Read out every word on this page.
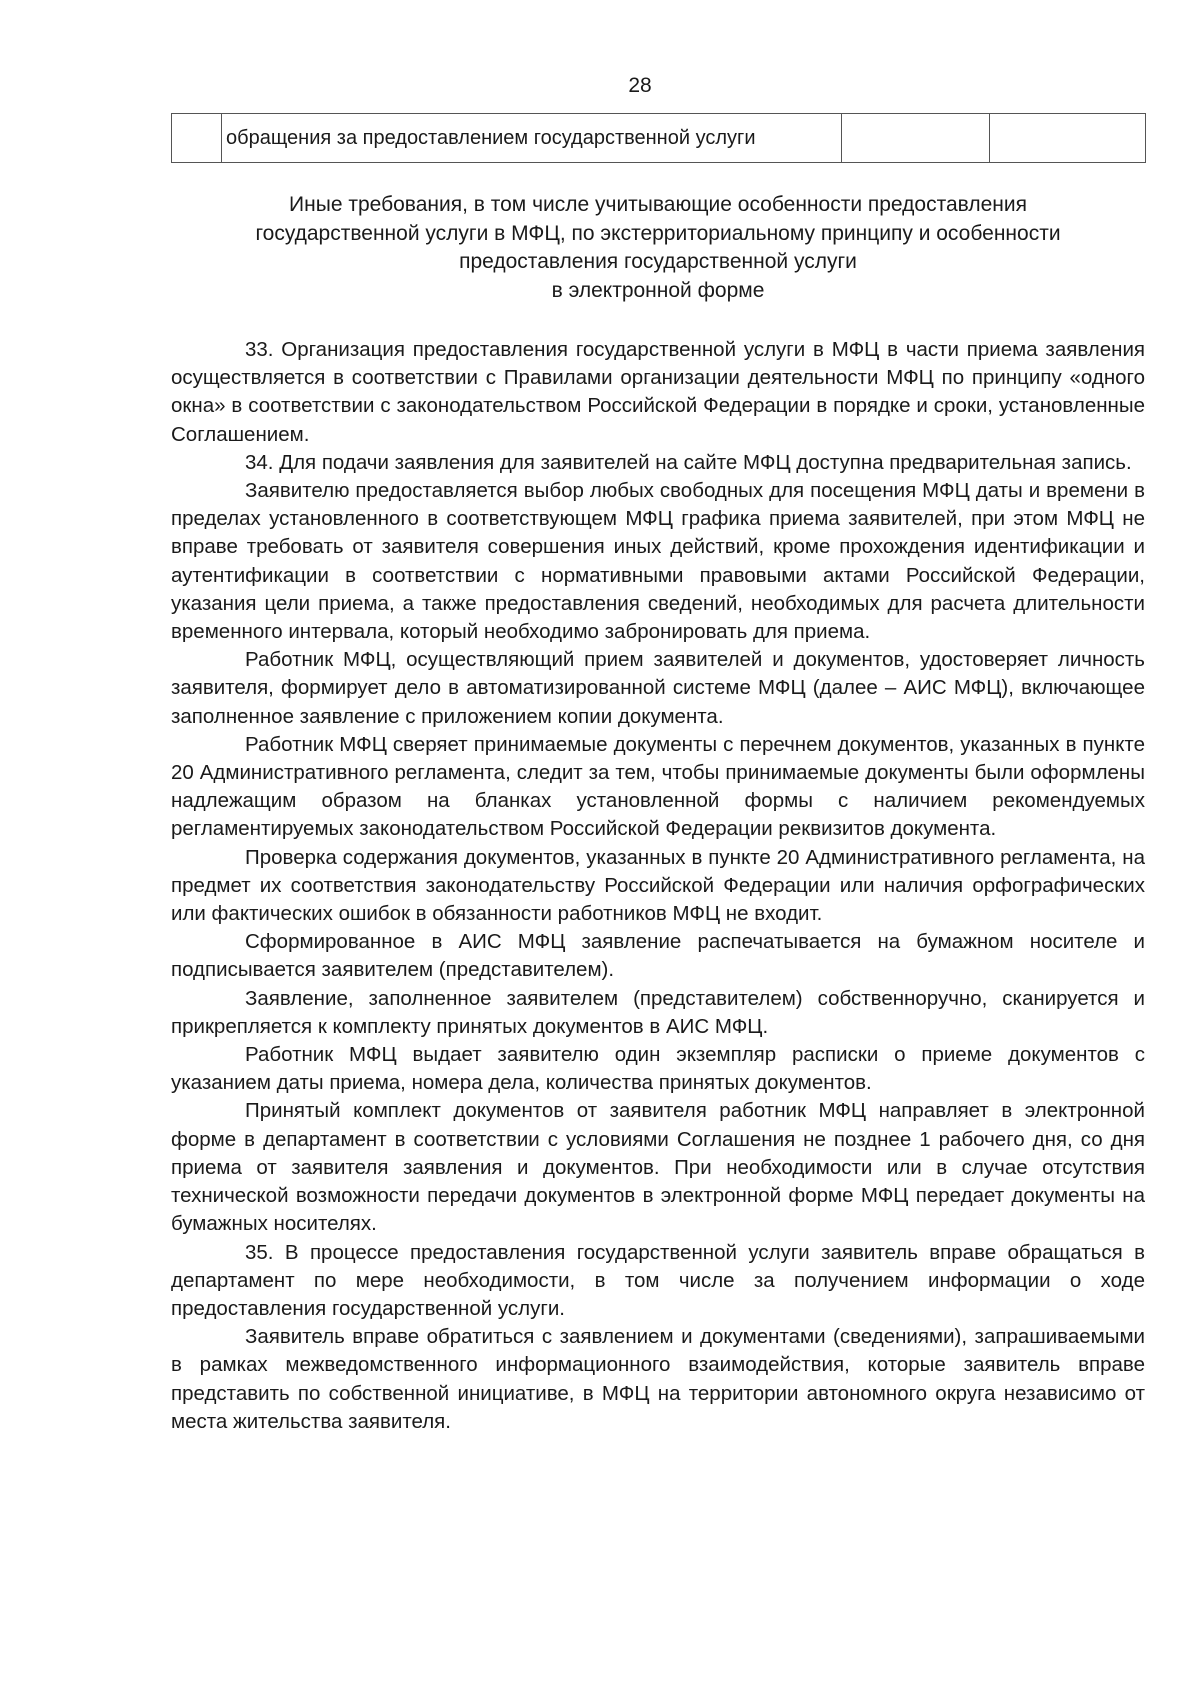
28
	обращения за предоставлением государственной услуги		
Иные требования, в том числе учитывающие особенности предоставления
государственной услуги в МФЦ, по экстерриториальному принципу и особенности
предоставления государственной услуги
в электронной форме

33. Организация предоставления государственной услуги в МФЦ в части приема заявления осуществляется в соответствии с Правилами организации деятельности МФЦ по принципу «одного окна» в соответствии с законодательством Российской Федерации в порядке и сроки, установленные Соглашением.

34. Для подачи заявления для заявителей на сайте МФЦ доступна предварительная запись.

Заявителю предоставляется выбор любых свободных для посещения МФЦ даты и времени в пределах установленного в соответствующем МФЦ графика приема заявителей, при этом МФЦ не вправе требовать от заявителя совершения иных действий, кроме прохождения идентификации и аутентификации в соответствии с нормативными правовыми актами Российской Федерации, указания цели приема, а также предоставления сведений, необходимых для расчета длительности временного интервала, который необходимо забронировать для приема.

Работник МФЦ, осуществляющий прием заявителей и документов, удостоверяет личность заявителя, формирует дело в автоматизированной системе МФЦ (далее – АИС МФЦ), включающее заполненное заявление с приложением копии документа.

Работник МФЦ сверяет принимаемые документы с перечнем документов, указанных в пункте 20 Административного регламента, следит за тем, чтобы принимаемые документы были оформлены надлежащим образом на бланках установленной формы с наличием рекомендуемых регламентируемых законодательством Российской Федерации реквизитов документа.

Проверка содержания документов, указанных в пункте 20 Административного регламента, на предмет их соответствия законодательству Российской Федерации или наличия орфографических или фактических ошибок в обязанности работников МФЦ не входит.

Сформированное в АИС МФЦ заявление распечатывается на бумажном носителе и подписывается заявителем (представителем).

Заявление, заполненное заявителем (представителем) собственноручно, сканируется и прикрепляется к комплекту принятых документов в АИС МФЦ.

Работник МФЦ выдает заявителю один экземпляр расписки о приеме документов с указанием даты приема, номера дела, количества принятых документов.

Принятый комплект документов от заявителя работник МФЦ направляет в электронной форме в департамент в соответствии с условиями Соглашения не позднее 1 рабочего дня, со дня приема от заявителя заявления и документов. При необходимости или в случае отсутствия технической возможности передачи документов в электронной форме МФЦ передает документы на бумажных носителях.

35. В процессе предоставления государственной услуги заявитель вправе обращаться в департамент по мере необходимости, в том числе за получением информации о ходе предоставления государственной услуги.

Заявитель вправе обратиться с заявлением и документами (сведениями), запрашиваемыми в рамках межведомственного информационного взаимодействия, которые заявитель вправе представить по собственной инициативе, в МФЦ на территории автономного округа независимо от места жительства заявителя.
